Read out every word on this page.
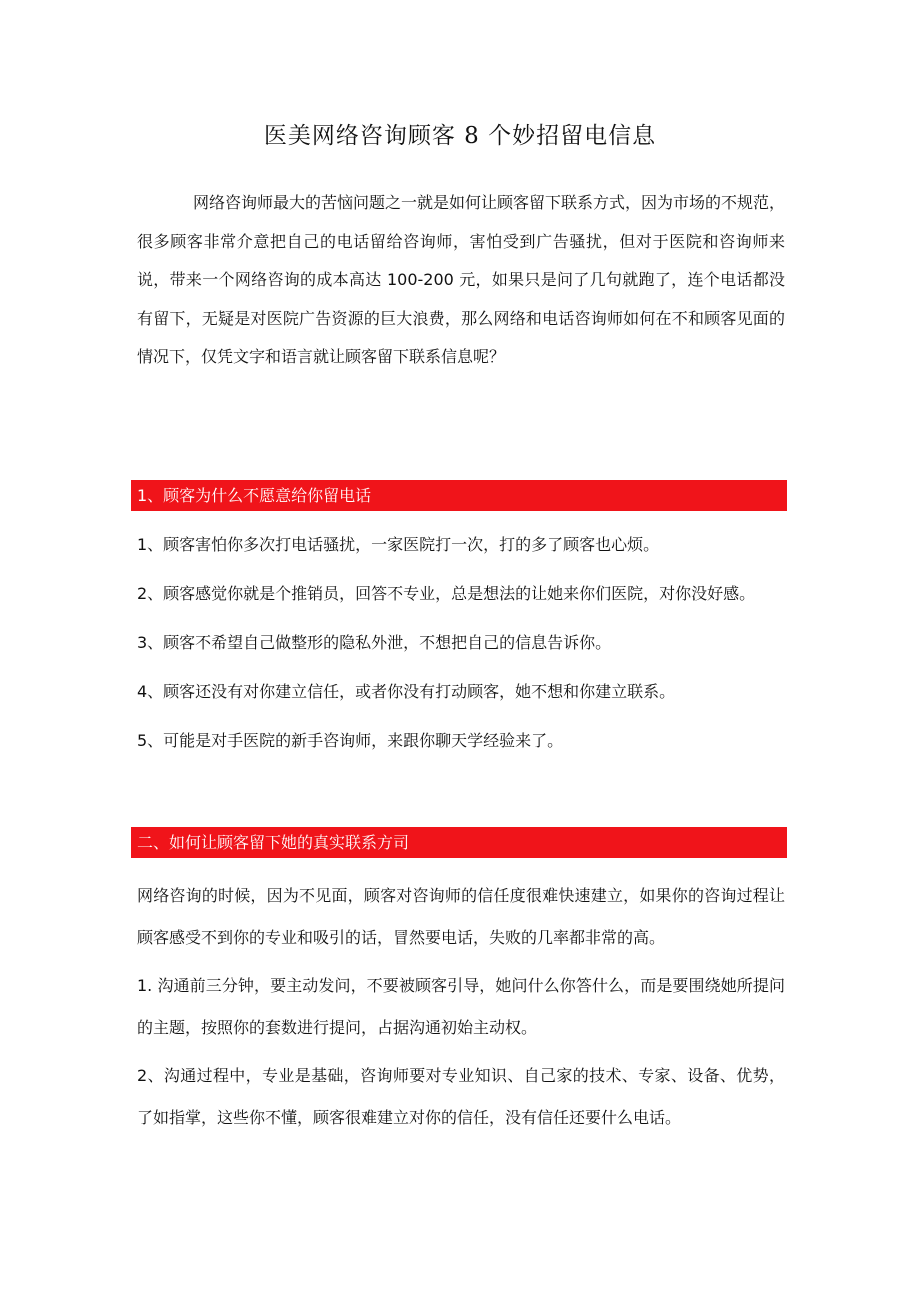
医美网络咨询顾客 8 个妙招留电信息

网络咨询师最大的苦恼问题之一就是如何让顾客留下联系方式，因为市场的不规范，很多顾客非常介意把自己的电话留给咨询师，害怕受到广告骚扰，但对于医院和咨询师来说，带来一个网络咨询的成本高达 100-200 元，如果只是问了几句就跑了，连个电话都没有留下，无疑是对医院广告资源的巨大浪费，那么网络和电话咨询师如何在不和顾客见面的情况下，仅凭文字和语言就让顾客留下联系信息呢？

1、顾客为什么不愿意给你留电话
1、顾客害怕你多次打电话骚扰，一家医院打一次，打的多了顾客也心烦。
2、顾客感觉你就是个推销员，回答不专业，总是想法的让她来你们医院，对你没好感。
3、顾客不希望自己做整形的隐私外泄，不想把自己的信息告诉你。
4、顾客还没有对你建立信任，或者你没有打动顾客，她不想和你建立联系。
5、可能是对手医院的新手咨询师，来跟你聊天学经验来了。
二、如何让顾客留下她的真实联系方司

网络咨询的时候，因为不见面，顾客对咨询师的信任度很难快速建立，如果你的咨询过程让顾客感受不到你的专业和吸引的话，冒然要电话，失败的几率都非常的高。

1. 沟通前三分钟，要主动发问，不要被顾客引导，她问什么你答什么，而是要围绕她所提问的主题，按照你的套数进行提问，占据沟通初始主动权。

2、沟通过程中，专业是基础，咨询师要对专业知识、自己家的技术、专家、设备、优势，了如指掌，这些你不懂，顾客很难建立对你的信任，没有信任还要什么电话。
